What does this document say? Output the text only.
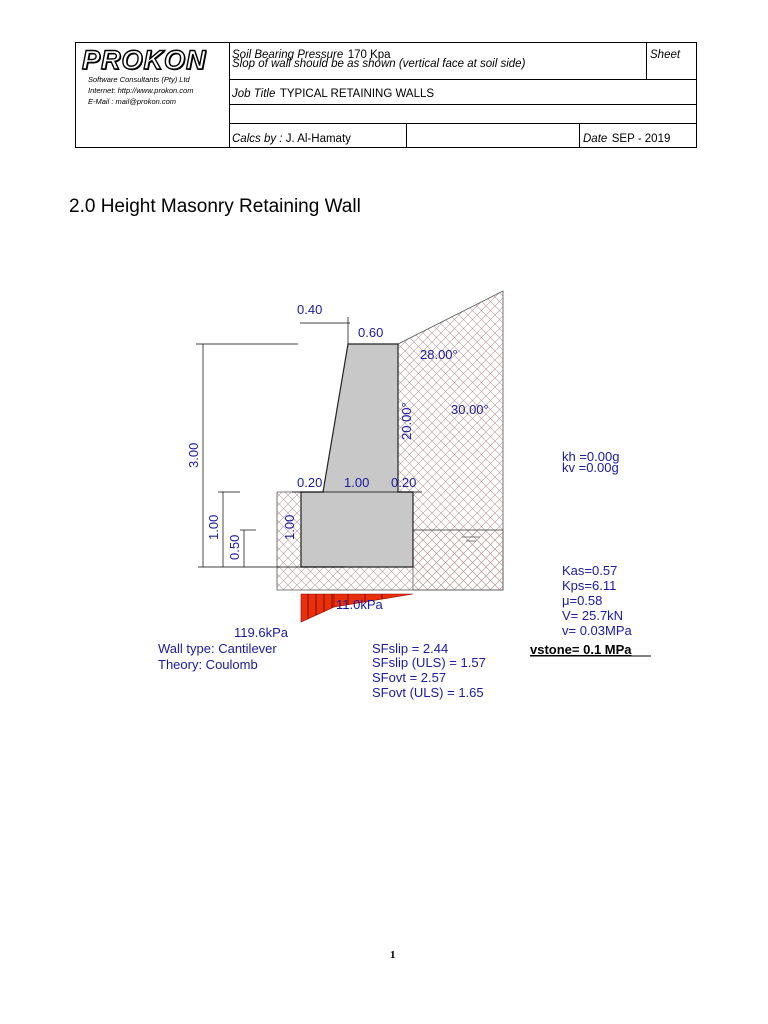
PROKON
Software Consultants (Pty) Ltd
Internet: http://www.prokon.com
E-Mail : mail@prokon.com
Soil Bearing Pressure 170 Kpa
Slop of wall should be as shown (vertical face at soil side)
Sheet
Job Title TYPICAL RETAINING WALLS
Calcs by : J. Al-Hamaty	Date SEP - 2019
2.0 Height Masonry Retaining Wall
0.40
0.60
28.00°
30.00°
20.00°
3.00
1.00
0.50
1.00
0.20 1.00 0.20
kh =0.00g
kv =0.00g
Kas=0.57
Kps=6.11
μ=0.58
V= 25.7kN
v= 0.03MPa
11.0kPa
119.6kPa
Wall type: Cantilever
Theory: Coulomb
SFslip = 2.44
SFslip (ULS) = 1.57
SFovt = 2.57
SFovt (ULS) = 1.65
vstone= 0.1 MPa
1
